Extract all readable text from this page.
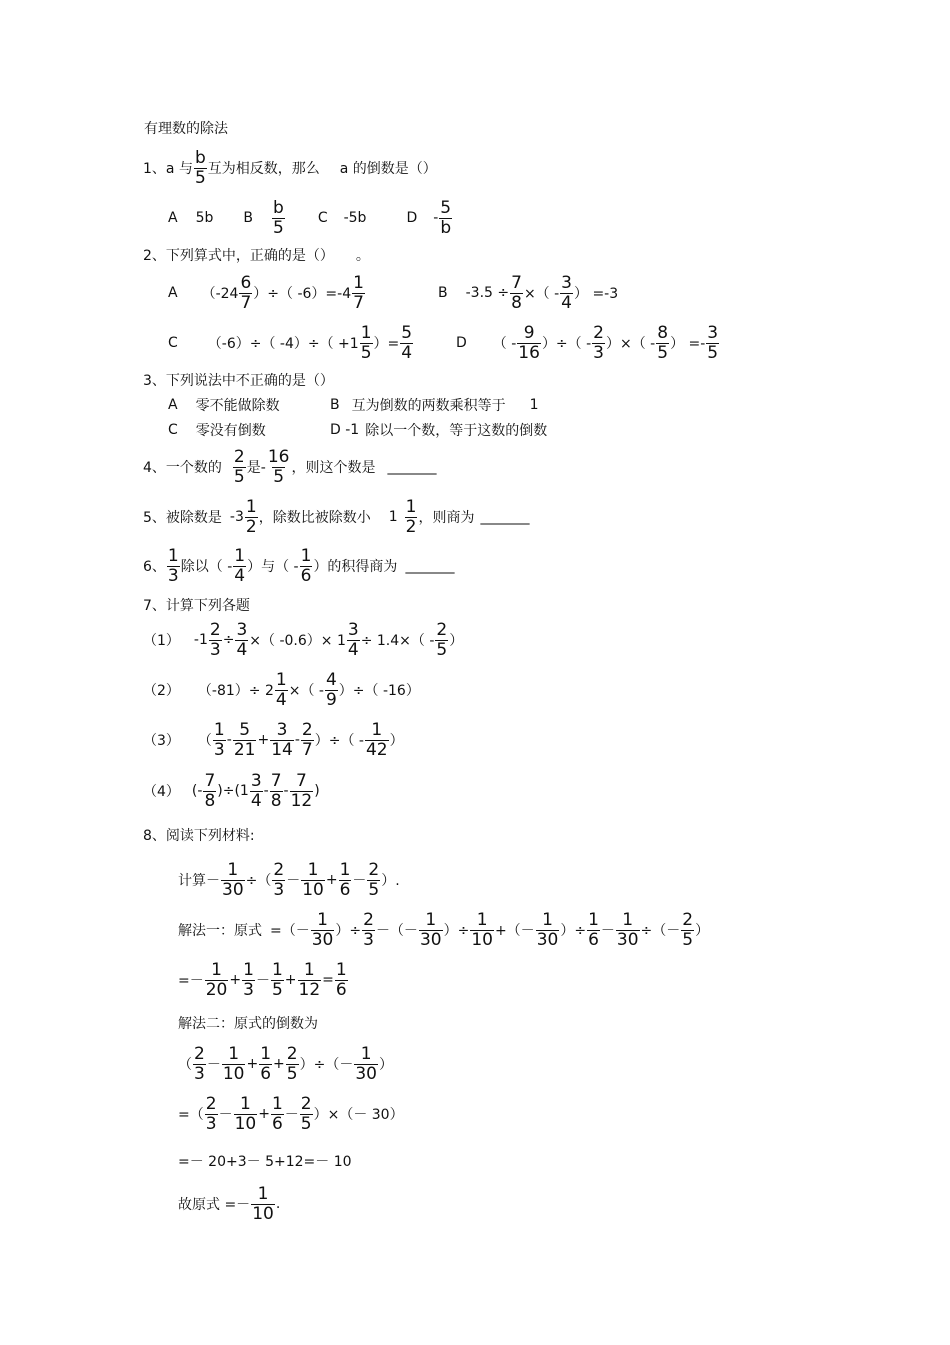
有理数的除法
1、 a 与 $\frac{b}{5}$ 互为相反数，那么 a 的倒数是（）
A 5b B $\frac{b}{5}$ C -5b	D - $\frac{5}{b}$
2、下列算式中，正确的是（） 。
A （$-24 \frac{6}{7}$ ）÷（ $-6)=-4 \frac{1}{7}$	B $-3.5 \div \frac{7}{8}$ ×（ - $\frac{3}{4}$ ） =-3
C （-6）÷（ $-4)\div( +1 \frac{1}{5}$ ）= $\frac{5}{4}$	D （ - $\frac{9}{16}$ ）÷（ - $\frac{2}{3}$ ）×（ - $\frac{8}{5}$ ） =- $\frac{3}{5}$
3、下列说法中不正确的是（）
A 零不能做除数	B 互为倒数的两数乘积等于 1
C 零没有倒数	D -1 除以一个数，等于这数的倒数
4、一个数的 $\frac{2}{5}$ 是- $\frac{16}{5}$ ，则这个数是 _______
5、被除数是 $-3 \frac{1}{2}$ ，除数比被除数小 $1 \frac{1}{2}$ ，则商为 _______
6、 $\frac{1}{3}$ 除以（ - $\frac{1}{4}$ ）与（ - $\frac{1}{6}$ ）的积得商为 _______
7、计算下列各题
（1） $-1 \frac{2}{3} \div \frac{3}{4}$ ×（ $-0.6)\times 1 \frac{3}{4} \div 1.4\times( - \frac{2}{5}$ ）
（2） $(-81)\div 2 \frac{1}{4}$ ×（ - $\frac{4}{9}$ ）÷（ -16）
（3） （ $\frac{1}{3} - \frac{5}{21} + \frac{3}{14} - \frac{2}{7}$ ）÷（ - $\frac{1}{42}$ ）
（4） (- $\frac{7}{8} )\div(1 \frac{3}{4} - \frac{7}{8} - \frac{7}{12}$ )
8、阅读下列材料:
计算－ $\frac{1}{30}$ ÷（ $\frac{2}{3} - \frac{1}{10} + \frac{1}{6} - \frac{2}{5}$ ）.
解法一：原式 =（－ $\frac{1}{30}$ ）÷ $\frac{2}{3}$ －（－ $\frac{1}{30}$ ）÷ $\frac{1}{10}$ +（－ $\frac{1}{30}$ ）÷ $\frac{1}{6} - \frac{1}{30}$ ÷（－ $\frac{2}{5}$ ）
=－ $\frac{1}{20} + \frac{1}{3} - \frac{1}{5} + \frac{1}{12} = \frac{1}{6}$
解法二：原式的倒数为
（ $\frac{2}{3} - \frac{1}{10} + \frac{1}{6} + \frac{2}{5}$ ）÷（－ $\frac{1}{30}$ ）
=（ $\frac{2}{3} - \frac{1}{10} + \frac{1}{6} - \frac{2}{5}$ ）×（－ 30）
=－ 20+3－ 5+12=－ 10
故原式 =－ $\frac{1}{10}$ .
